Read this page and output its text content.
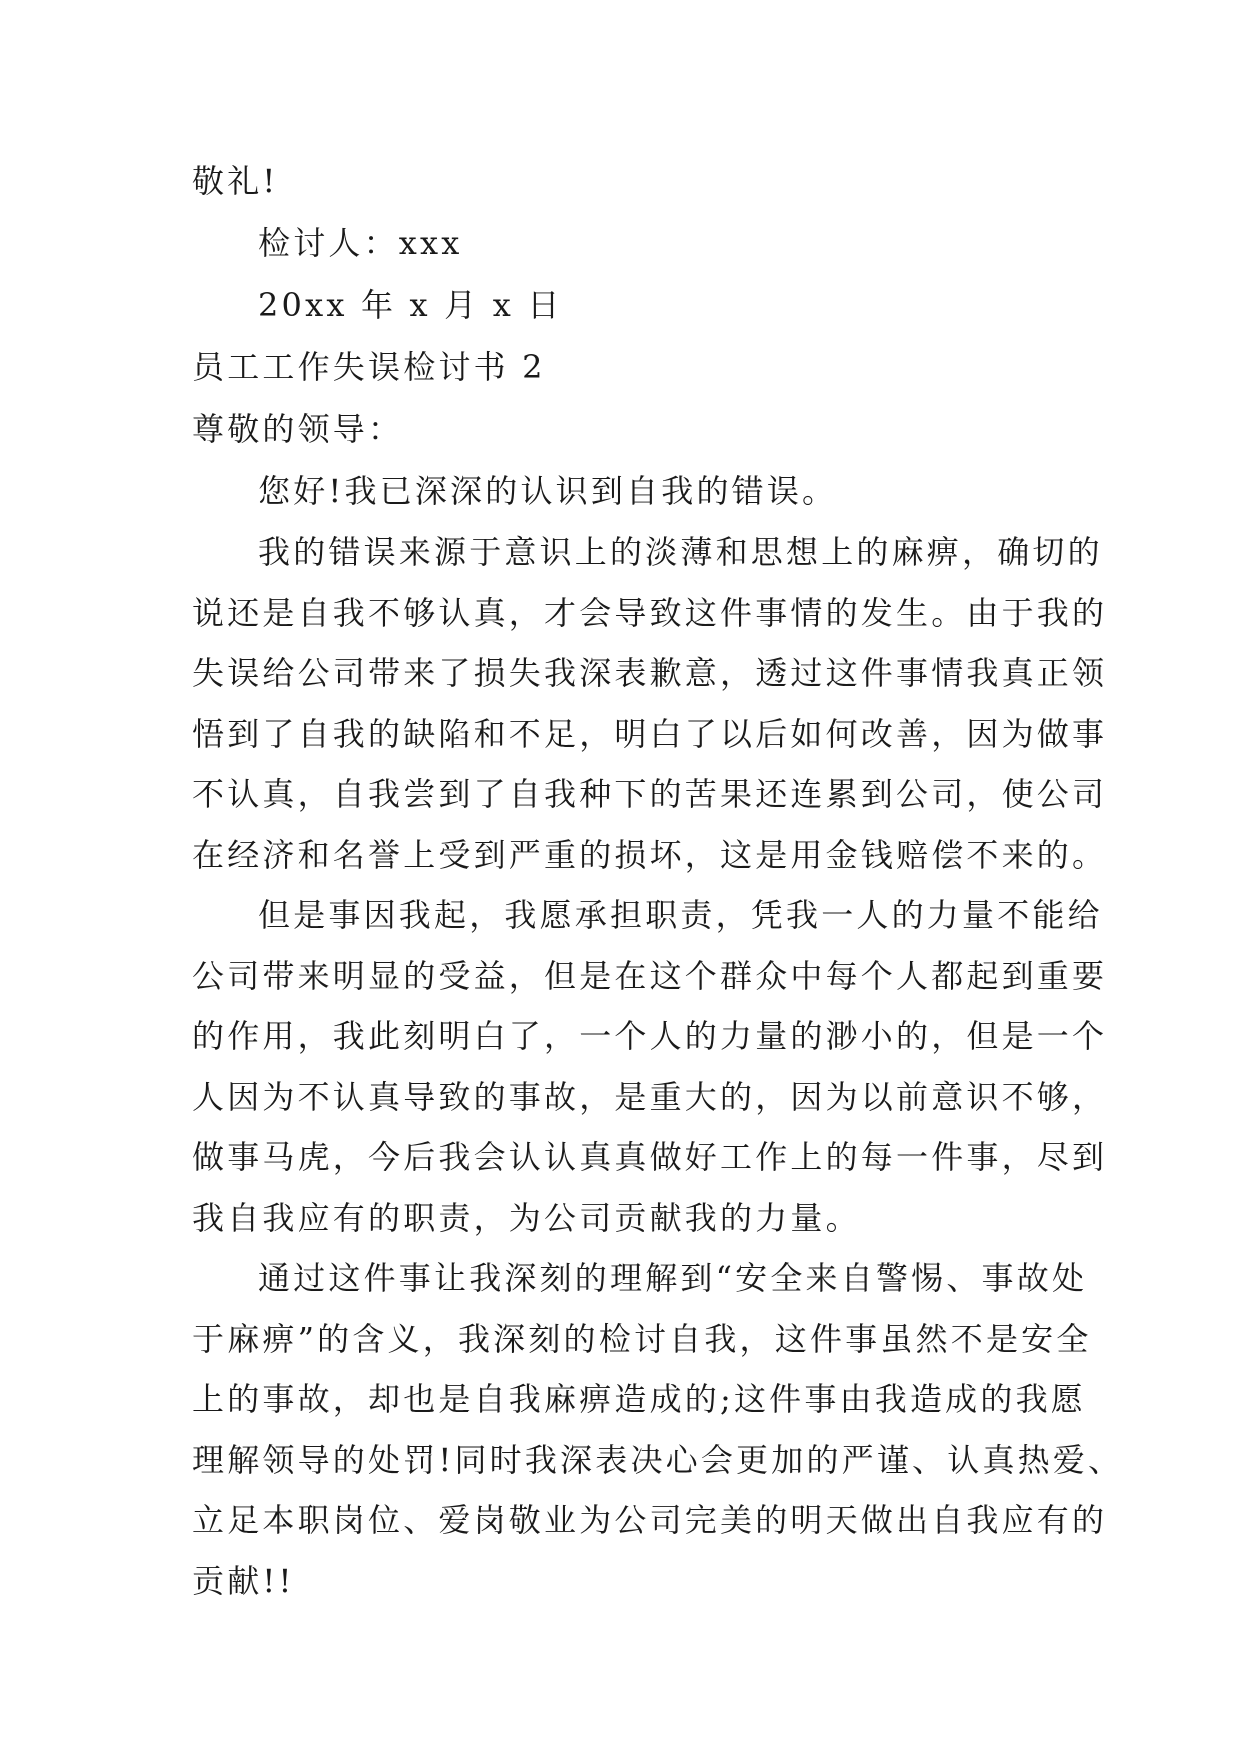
敬礼!
检讨人：xxx
20xx 年 x 月 x 日
员工工作失误检讨书 2
尊敬的领导：
您好!我已深深的认识到自我的错误。
我的错误来源于意识上的淡薄和思想上的麻痹，确切的
说还是自我不够认真，才会导致这件事情的发生。由于我的
失误给公司带来了损失我深表歉意，透过这件事情我真正领
悟到了自我的缺陷和不足，明白了以后如何改善，因为做事
不认真，自我尝到了自我种下的苦果还连累到公司，使公司
在经济和名誉上受到严重的损坏，这是用金钱赔偿不来的。
但是事因我起，我愿承担职责，凭我一人的力量不能给
公司带来明显的受益，但是在这个群众中每个人都起到重要
的作用，我此刻明白了，一个人的力量的渺小的，但是一个
人因为不认真导致的事故，是重大的，因为以前意识不够，
做事马虎，今后我会认认真真做好工作上的每一件事，尽到
我自我应有的职责，为公司贡献我的力量。
通过这件事让我深刻的理解到“安全来自警惕、事故处
于麻痹”的含义，我深刻的检讨自我，这件事虽然不是安全
上的事故，却也是自我麻痹造成的;这件事由我造成的我愿
理解领导的处罚!同时我深表决心会更加的严谨、认真热爱、
立足本职岗位、爱岗敬业为公司完美的明天做出自我应有的
贡献!!
